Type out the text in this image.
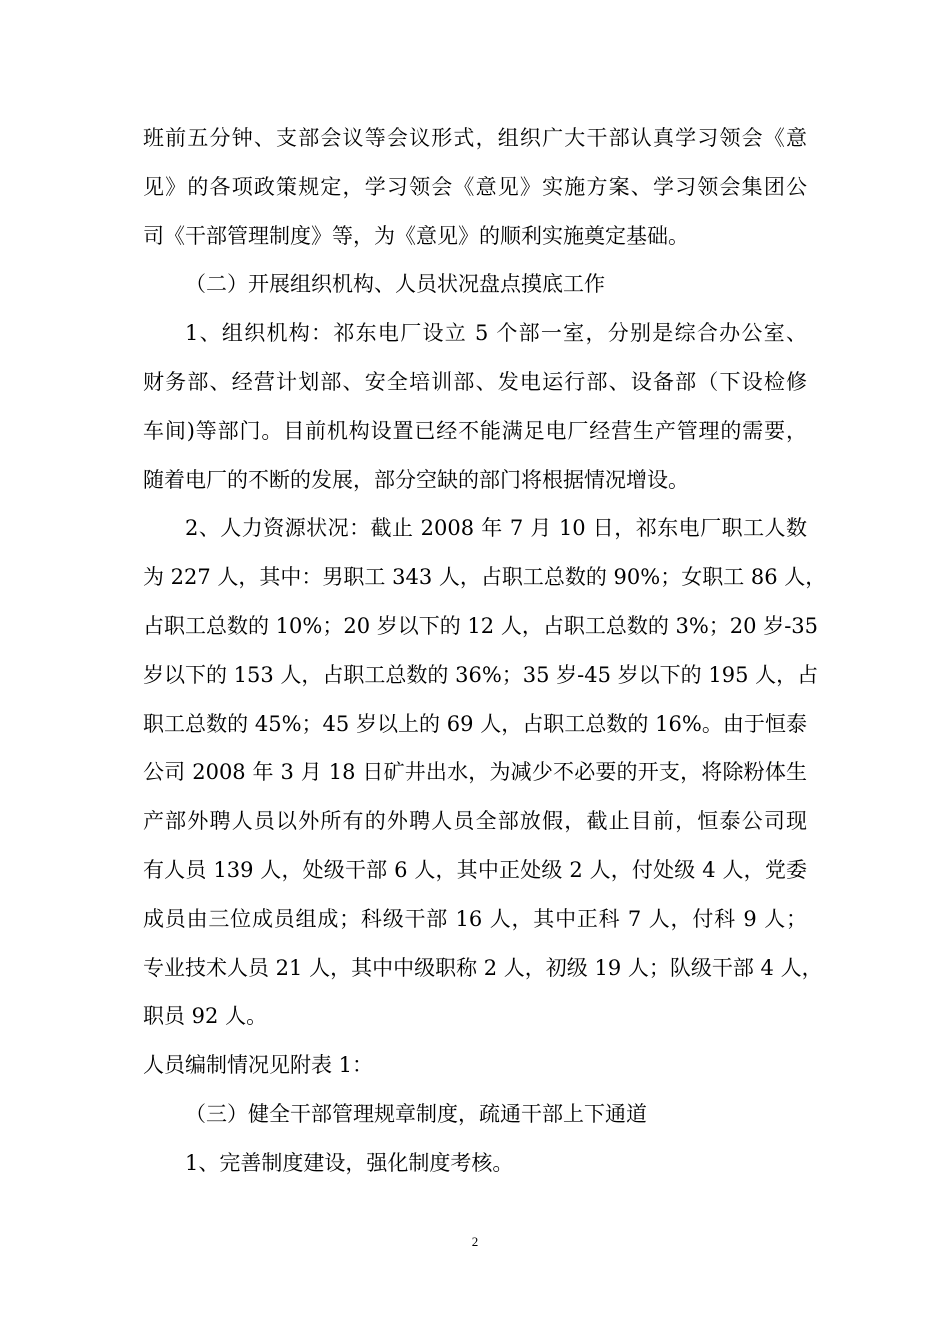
班前五分钟、支部会议等会议形式，组织广大干部认真学习领会《意
见》的各项政策规定，学习领会《意见》实施方案、学习领会集团公
司《干部管理制度》等，为《意见》的顺利实施奠定基础。
（二）开展组织机构、人员状况盘点摸底工作
1、组织机构：祁东电厂设立 5 个部一室，分别是综合办公室、
财务部、经营计划部、安全培训部、发电运行部、设备部（下设检修
车间)等部门。目前机构设置已经不能满足电厂经营生产管理的需要，
随着电厂的不断的发展，部分空缺的部门将根据情况增设。
2、人力资源状况：截止 2008 年 7 月 10 日，祁东电厂职工人数
为 227 人，其中：男职工 343 人，占职工总数的 90%；女职工 86 人，
占职工总数的 10%；20 岁以下的 12 人，占职工总数的 3%；20 岁-35
岁以下的 153 人，占职工总数的 36%；35 岁-45 岁以下的 195 人，占
职工总数的 45%；45 岁以上的 69 人，占职工总数的 16%。由于恒泰
公司 2008 年 3 月 18 日矿井出水，为减少不必要的开支，将除粉体生
产部外聘人员以外所有的外聘人员全部放假，截止目前，恒泰公司现
有人员 139 人，处级干部 6 人，其中正处级 2 人，付处级 4 人，党委
成员由三位成员组成；科级干部 16 人，其中正科 7 人，付科 9 人；
专业技术人员 21 人，其中中级职称 2 人，初级 19 人；队级干部 4 人，
职员 92 人。
人员编制情况见附表 1：
（三）健全干部管理规章制度，疏通干部上下通道
1、完善制度建设，强化制度考核。
2
